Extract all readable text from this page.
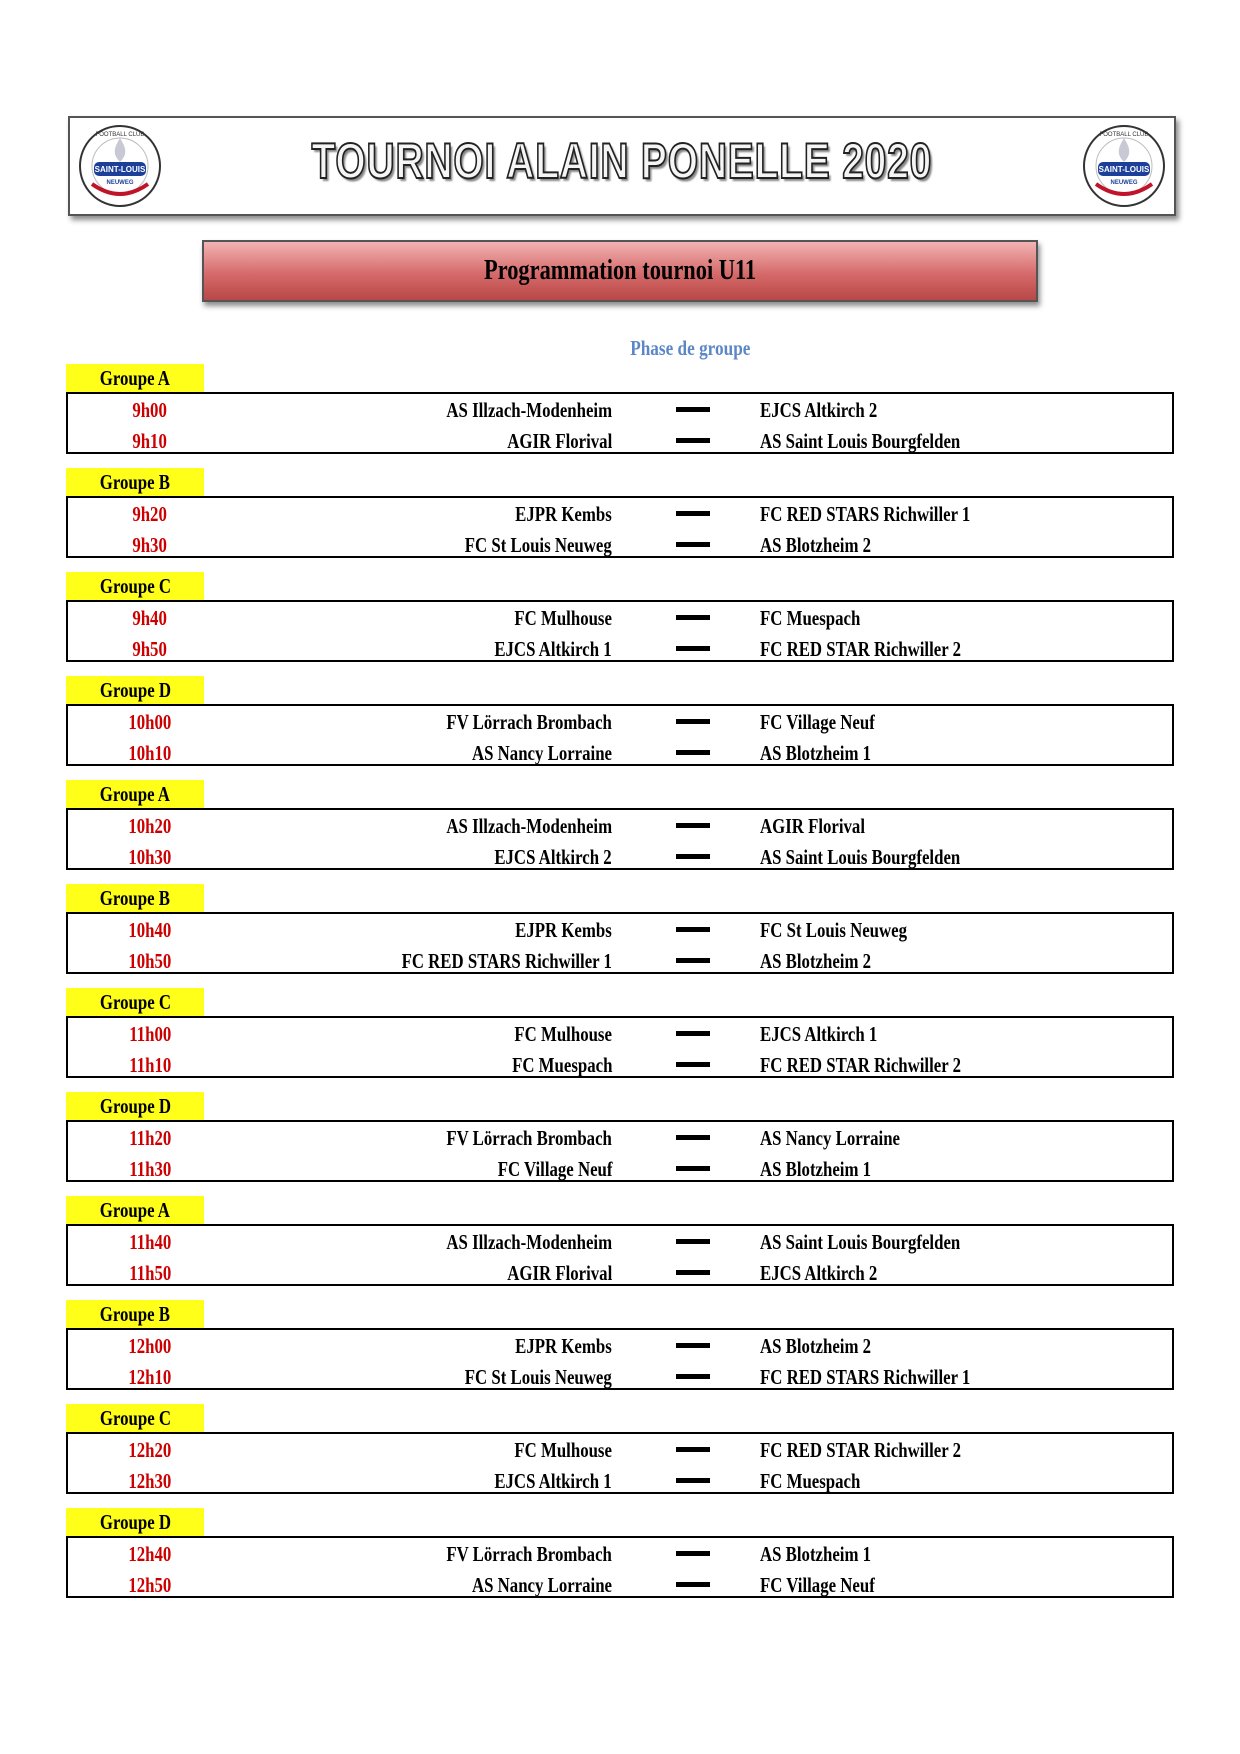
SAINT-LOUIS
NEUWEG
FOOTBALL CLUB	TOURNOI ALAIN PONELLE 2020	SAINT-LOUIS
NEUWEG
FOOTBALL CLUB
Programmation tournoi U11
Phase de groupe
Groupe A
9h00	AS Illzach-Modenheim	EJCS Altkirch 2
9h10	AGIR Florival	AS Saint Louis Bourgfelden
Groupe B
9h20	EJPR Kembs	FC RED STARS Richwiller 1
9h30	FC St Louis Neuweg	AS Blotzheim 2
Groupe C
9h40	FC Mulhouse	FC Muespach
9h50	EJCS Altkirch 1	FC RED STAR Richwiller 2
Groupe D
10h00	FV Lörrach Brombach	FC Village Neuf
10h10	AS Nancy Lorraine	AS Blotzheim 1
Groupe A
10h20	AS Illzach-Modenheim	AGIR Florival
10h30	EJCS Altkirch 2	AS Saint Louis Bourgfelden
Groupe B
10h40	EJPR Kembs	FC St Louis Neuweg
10h50	FC RED STARS Richwiller 1	AS Blotzheim 2
Groupe C
11h00	FC Mulhouse	EJCS Altkirch 1
11h10	FC Muespach	FC RED STAR Richwiller 2
Groupe D
11h20	FV Lörrach Brombach	AS Nancy Lorraine
11h30	FC Village Neuf	AS Blotzheim 1
Groupe A
11h40	AS Illzach-Modenheim	AS Saint Louis Bourgfelden
11h50	AGIR Florival	EJCS Altkirch 2
Groupe B
12h00	EJPR Kembs	AS Blotzheim 2
12h10	FC St Louis Neuweg	FC RED STARS Richwiller 1
Groupe C
12h20	FC Mulhouse	FC RED STAR Richwiller 2
12h30	EJCS Altkirch 1	FC Muespach
Groupe D
12h40	FV Lörrach Brombach	AS Blotzheim 1
12h50	AS Nancy Lorraine	FC Village Neuf
